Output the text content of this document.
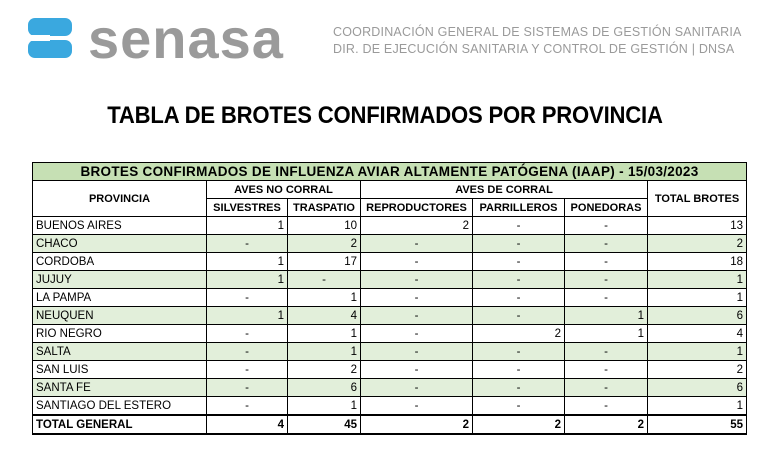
senasa	COORDINACIÓN GENERAL DE SISTEMAS DE GESTIÓN SANITARIA
DIR. DE EJECUCIÓN SANITARIA Y CONTROL DE GESTIÓN | DNSA
TABLA DE BROTES CONFIRMADOS POR PROVINCIA
BROTES CONFIRMADOS DE INFLUENZA AVIAR ALTAMENTE PATÓGENA (IAAP) - 15/03/2023						
PROVINCIA	AVES NO CORRAL		AVES DE CORRAL			TOTAL BROTES
	SILVESTRES	TRASPATIO	REPRODUCTORES	PARRILLEROS	PONEDORAS	
BUENOS AIRES	1	10	2	-	-	13
CHACO	-	2	-	-	-	2
CORDOBA	1	17	-	-	-	18
JUJUY	1	-	-	-	-	1
LA PAMPA	-	1	-	-	-	1
NEUQUEN	1	4	-	-	1	6
RIO NEGRO	-	1	-	2	1	4
SALTA	-	1	-	-	-	1
SAN LUIS	-	2	-	-	-	2
SANTA FE	-	6	-	-	-	6
SANTIAGO DEL ESTERO	-	1	-	-	-	1
TOTAL GENERAL	4	45	2	2	2	55
